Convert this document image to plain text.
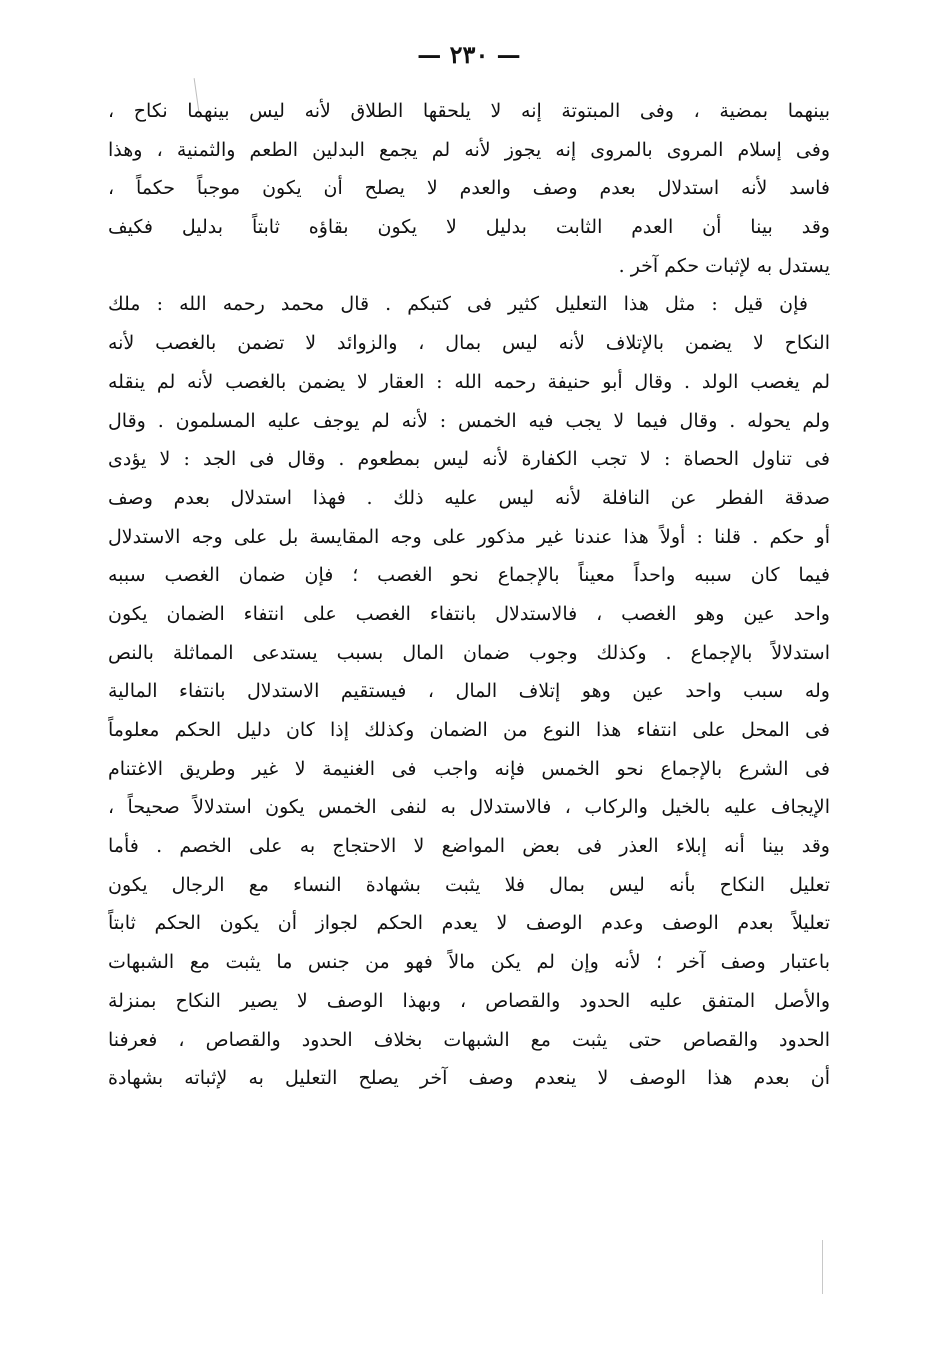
— ٢٣٠ —
بينهما بمضية ، وفى المبتوتة إنه لا يلحقها الطلاق لأنه ليس بينهما نكاح ،
وفى إسلام المروى بالمروى إنه يجوز لأنه لم يجمع البدلين الطعم والثمنية ، وهذا
فاسد لأنه استدلال بعدم وصف والعدم لا يصلح أن يكون موجباً حكماً ،
وقد بينا أن العدم الثابت بدليل لا يكون بقاؤه ثابتاً بدليل فكيف
يستدل به لإثبات حكم آخر .
فإن قيل : مثل هذا التعليل كثير فى كتبكم . قال محمد رحمه الله : ملك
النكاح لا يضمن بالإتلاف لأنه ليس بمال ، والزوائد لا تضمن بالغصب لأنه
لم يغصب الولد . وقال أبو حنيفة رحمه الله : العقار لا يضمن بالغصب لأنه لم ينقله
ولم يحوله . وقال فيما لا يجب فيه الخمس : لأنه لم يوجف عليه المسلمون . وقال
فى تناول الحصاة : لا تجب الكفارة لأنه ليس بمطعوم . وقال فى الجد : لا يؤدى
صدقة الفطر عن النافلة لأنه ليس عليه ذلك . فهذا استدلال بعدم وصف
أو حكم . قلنا : أولاً هذا عندنا غير مذكور على وجه المقايسة بل على وجه الاستدلال
فيما كان سببه واحداً معيناً بالإجماع نحو الغصب ؛ فإن ضمان الغصب سببه
واحد عين وهو الغصب ، فالاستدلال بانتفاء الغصب على انتفاء الضمان يكون
استدلالاً بالإجماع . وكذلك وجوب ضمان المال بسبب يستدعى المماثلة بالنص
وله سبب واحد عين وهو إتلاف المال ، فيستقيم الاستدلال بانتفاء المالية
فى المحل على انتفاء هذا النوع من الضمان وكذلك إذا كان دليل الحكم معلوماً
فى الشرع بالإجماع نحو الخمس فإنه واجب فى الغنيمة لا غير وطريق الاغتنام
الإيجاف عليه بالخيل والركاب ، فالاستدلال به لنفى الخمس يكون استدلالاً صحيحاً ،
وقد بينا أنه إبلاء العذر فى بعض المواضع لا الاحتجاج به على الخصم . فأما
تعليل النكاح بأنه ليس بمال فلا يثبت بشهادة النساء مع الرجال يكون
تعليلاً بعدم الوصف وعدم الوصف لا يعدم الحكم لجواز أن يكون الحكم ثابتاً
باعتبار وصف آخر ؛ لأنه وإن لم يكن مالاً فهو من جنس ما يثبت مع الشبهات
والأصل المتفق عليه الحدود والقصاص ، وبهذا الوصف لا يصير النكاح بمنزلة
الحدود والقصاص حتى يثبت مع الشبهات بخلاف الحدود والقصاص ، فعرفنا
أن بعدم هذا الوصف لا ينعدم وصف آخر يصلح التعليل به لإثباته بشهادة
